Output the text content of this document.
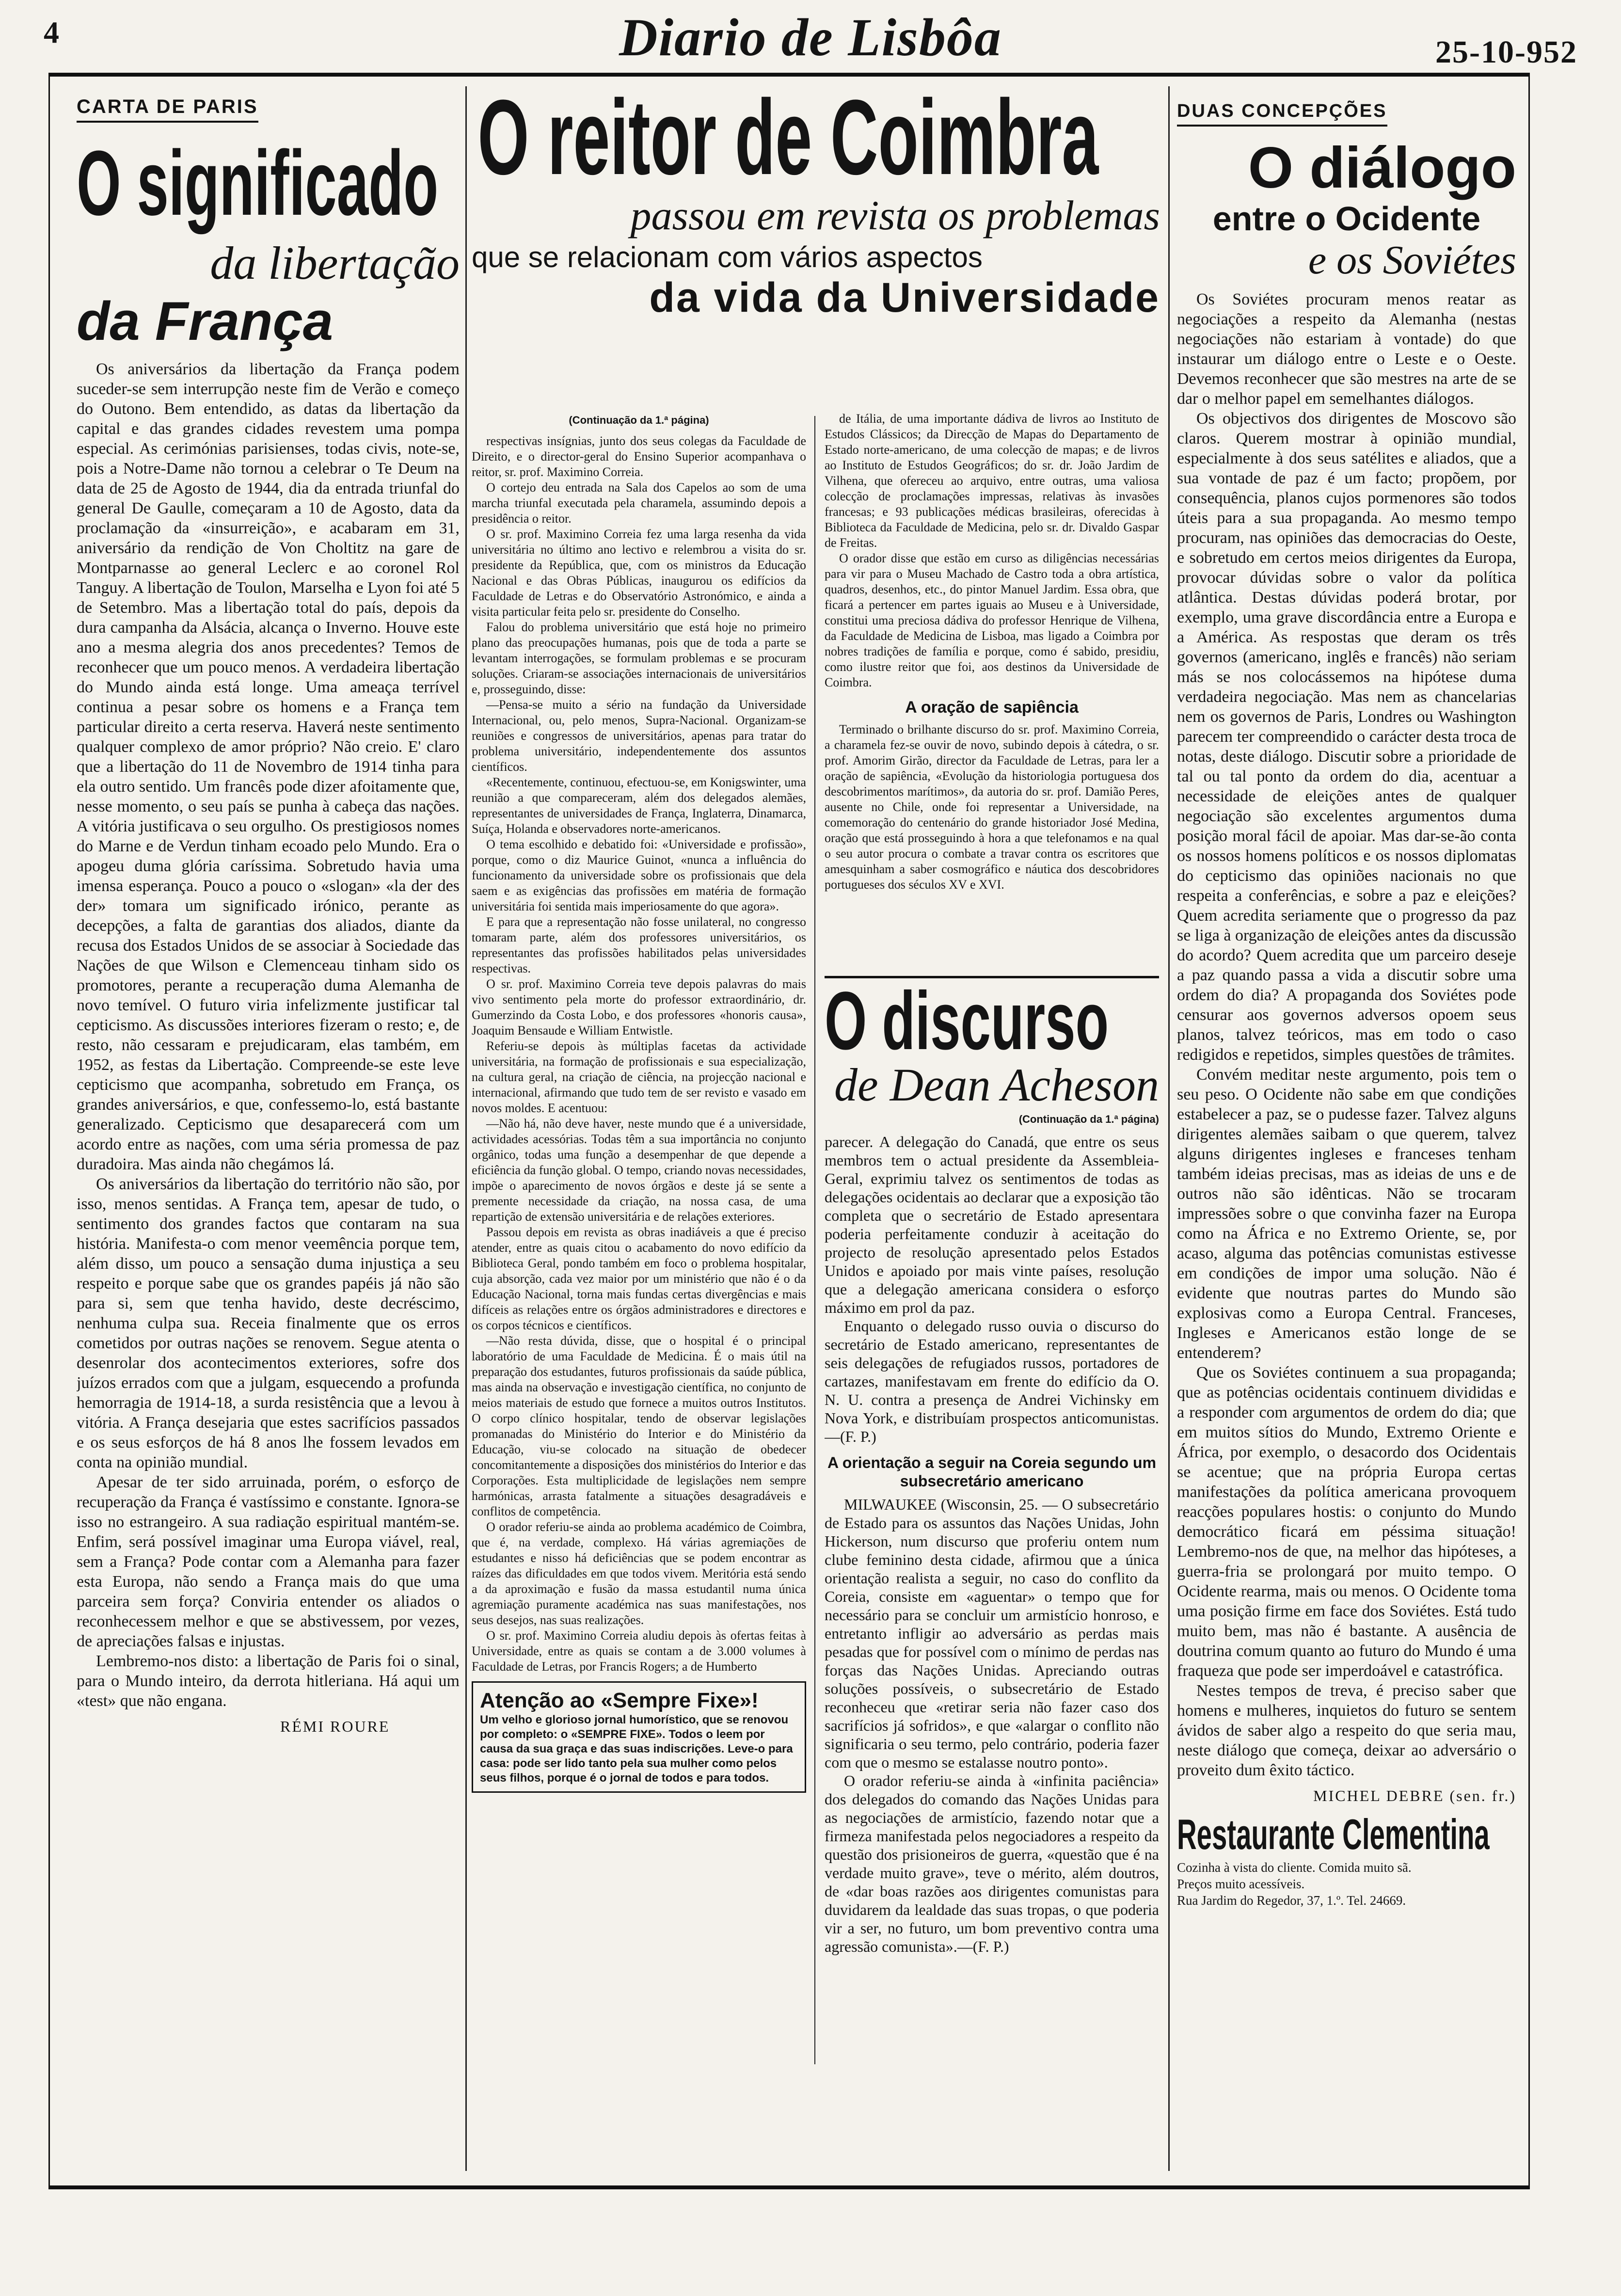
4	Diario de Lisbôa	25-10-952
CARTA DE PARIS
O significado
da libertação
da França

Os aniversários da libertação da França podem suceder-se sem interrupção neste fim de Verão e começo do Outono. Bem entendido, as datas da libertação da capital e das grandes cidades revestem uma pompa especial. As cerimónias parisienses, todas civis, note-se, pois a Notre-Dame não tornou a celebrar o Te Deum na data de 25 de Agosto de 1944, dia da entrada triunfal do general De Gaulle, começaram a 10 de Agosto, data da proclamação da «insurreição», e acabaram em 31, aniversário da rendição de Von Choltitz na gare de Montparnasse ao general Leclerc e ao coronel Rol Tanguy. A libertação de Toulon, Marselha e Lyon foi até 5 de Setembro. Mas a libertação total do país, depois da dura campanha da Alsácia, alcança o Inverno. Houve este ano a mesma alegria dos anos precedentes? Temos de reconhecer que um pouco menos. A verdadeira libertação do Mundo ainda está longe. Uma ameaça terrível continua a pesar sobre os homens e a França tem particular direito a certa reserva. Haverá neste sentimento qualquer complexo de amor próprio? Não creio. E' claro que a libertação do 11 de Novembro de 1914 tinha para ela outro sentido. Um francês pode dizer afoitamente que, nesse momento, o seu país se punha à cabeça das nações. A vitória justificava o seu orgulho. Os prestigiosos nomes do Marne e de Verdun tinham ecoado pelo Mundo. Era o apogeu duma glória caríssima. Sobretudo havia uma imensa esperança. Pouco a pouco o «slogan» «la der des der» tomara um significado irónico, perante as decepções, a falta de garantias dos aliados, diante da recusa dos Estados Unidos de se associar à Sociedade das Nações de que Wilson e Clemenceau tinham sido os promotores, perante a recuperação duma Alemanha de novo temível. O futuro viria infelizmente justificar tal cepticismo. As discussões interiores fizeram o resto; e, de resto, não cessaram e prejudicaram, elas também, em 1952, as festas da Libertação. Compreende-se este leve cepticismo que acompanha, sobretudo em França, os grandes aniversários, e que, confessemo-lo, está bastante generalizado. Cepticismo que desaparecerá com um acordo entre as nações, com uma séria promessa de paz duradoira. Mas ainda não chegámos lá.

Os aniversários da libertação do território não são, por isso, menos sentidas. A França tem, apesar de tudo, o sentimento dos grandes factos que contaram na sua história. Manifesta-o com menor veemência porque tem, além disso, um pouco a sensação duma injustiça a seu respeito e porque sabe que os grandes papéis já não são para si, sem que tenha havido, deste decréscimo, nenhuma culpa sua. Receia finalmente que os erros cometidos por outras nações se renovem. Segue atenta o desenrolar dos acontecimentos exteriores, sofre dos juízos errados com que a julgam, esquecendo a profunda hemorragia de 1914-18, a surda resistência que a levou à vitória. A França desejaria que estes sacrifícios passados e os seus esforços de há 8 anos lhe fossem levados em conta na opinião mundial.

Apesar de ter sido arruinada, porém, o esforço de recuperação da França é vastíssimo e constante. Ignora-se isso no estrangeiro. A sua radiação espiritual mantém-se. Enfim, será possível imaginar uma Europa viável, real, sem a França? Pode contar com a Alemanha para fazer esta Europa, não sendo a França mais do que uma parceira sem força? Conviria entender os aliados o reconhecessem melhor e que se abstivessem, por vezes, de apreciações falsas e injustas.

Lembremo-nos disto: a libertação de Paris foi o sinal, para o Mundo inteiro, da derrota hitleriana. Há aqui um «test» que não engana.

RÉMI ROURE
O reitor de Coimbra
passou em revista os problemas
que se relacionam com vários aspectos
da vida da Universidade
(Continuação da 1.ª página)

respectivas insígnias, junto dos seus colegas da Faculdade de Direito, e o director-geral do Ensino Superior acompanhava o reitor, sr. prof. Maximino Correia.

O cortejo deu entrada na Sala dos Capelos ao som de uma marcha triunfal executada pela charamela, assumindo depois a presidência o reitor.

O sr. prof. Maximino Correia fez uma larga resenha da vida universitária no último ano lectivo e relembrou a visita do sr. presidente da República, que, com os ministros da Educação Nacional e das Obras Públicas, inaugurou os edifícios da Faculdade de Letras e do Observatório Astronómico, e ainda a visita particular feita pelo sr. presidente do Conselho.

Falou do problema universitário que está hoje no primeiro plano das preocupações humanas, pois que de toda a parte se levantam interrogações, se formulam problemas e se procuram soluções. Criaram-se associações internacionais de universitários e, prosseguindo, disse:

—Pensa-se muito a sério na fundação da Universidade Internacional, ou, pelo menos, Supra-Nacional. Organizam-se reuniões e congressos de universitários, apenas para tratar do problema universitário, independentemente dos assuntos científicos.

«Recentemente, continuou, efectuou-se, em Konigswinter, uma reunião a que compareceram, além dos delegados alemães, representantes de universidades de França, Inglaterra, Dinamarca, Suíça, Holanda e observadores norte-americanos.

O tema escolhido e debatido foi: «Universidade e profissão», porque, como o diz Maurice Guinot, «nunca a influência do funcionamento da universidade sobre os profissionais que dela saem e as exigências das profissões em matéria de formação universitária foi sentida mais imperiosamente do que agora».

E para que a representação não fosse unilateral, no congresso tomaram parte, além dos professores universitários, os representantes das profissões habilitados pelas universidades respectivas.

O sr. prof. Maximino Correia teve depois palavras do mais vivo sentimento pela morte do professor extraordinário, dr. Gumerzindo da Costa Lobo, e dos professores «honoris causa», Joaquim Bensaude e William Entwistle.

Referiu-se depois às múltiplas facetas da actividade universitária, na formação de profissionais e sua especialização, na cultura geral, na criação de ciência, na projecção nacional e internacional, afirmando que tudo tem de ser revisto e vasado em novos moldes. E acentuou:

—Não há, não deve haver, neste mundo que é a universidade, actividades acessórias. Todas têm a sua importância no conjunto orgânico, todas uma função a desempenhar de que depende a eficiência da função global. O tempo, criando novas necessidades, impõe o aparecimento de novos órgãos e deste já se sente a premente necessidade da criação, na nossa casa, de uma repartição de extensão universitária e de relações exteriores.

Passou depois em revista as obras inadiáveis a que é preciso atender, entre as quais citou o acabamento do novo edifício da Biblioteca Geral, pondo também em foco o problema hospitalar, cuja absorção, cada vez maior por um ministério que não é o da Educação Nacional, torna mais fundas certas divergências e mais difíceis as relações entre os órgãos administradores e directores e os corpos técnicos e científicos.

—Não resta dúvida, disse, que o hospital é o principal laboratório de uma Faculdade de Medicina. É o mais útil na preparação dos estudantes, futuros profissionais da saúde pública, mas ainda na observação e investigação científica, no conjunto de meios materiais de estudo que fornece a muitos outros Institutos. O corpo clínico hospitalar, tendo de observar legislações promanadas do Ministério do Interior e do Ministério da Educação, viu-se colocado na situação de obedecer concomitantemente a disposições dos ministérios do Interior e das Corporações. Esta multiplicidade de legislações nem sempre harmónicas, arrasta fatalmente a situações desagradáveis e conflitos de competência.

O orador referiu-se ainda ao problema académico de Coimbra, que é, na verdade, complexo. Há várias agremiações de estudantes e nisso há deficiências que se podem encontrar as raízes das dificuldades em que todos vivem. Meritória está sendo a da aproximação e fusão da massa estudantil numa única agremiação puramente académica nas suas manifestações, nos seus desejos, nas suas realizações.

O sr. prof. Maximino Correia aludiu depois às ofertas feitas à Universidade, entre as quais se contam a de 3.000 volumes à Faculdade de Letras, por Francis Rogers; a de Humberto

Atenção ao «Sempre Fixe»!
Um velho e glorioso jornal humorístico, que se renovou por completo: o «SEMPRE FIXE». Todos o leem por causa da sua graça e das suas indiscrições. Leve-o para casa: pode ser lido tanto pela sua mulher como pelos seus filhos, porque é o jornal de todos e para todos.

de Itália, de uma importante dádiva de livros ao Instituto de Estudos Clássicos; da Direcção de Mapas do Departamento de Estado norte-americano, de uma colecção de mapas; e de livros ao Instituto de Estudos Geográficos; do sr. dr. João Jardim de Vilhena, que ofereceu ao arquivo, entre outras, uma valiosa colecção de proclamações impressas, relativas às invasões francesas; e 93 publicações médicas brasileiras, oferecidas à Biblioteca da Faculdade de Medicina, pelo sr. dr. Divaldo Gaspar de Freitas.

O orador disse que estão em curso as diligências necessárias para vir para o Museu Machado de Castro toda a obra artística, quadros, desenhos, etc., do pintor Manuel Jardim. Essa obra, que ficará a pertencer em partes iguais ao Museu e à Universidade, constitui uma preciosa dádiva do professor Henrique de Vilhena, da Faculdade de Medicina de Lisboa, mas ligado a Coimbra por nobres tradições de família e porque, como é sabido, presidiu, como ilustre reitor que foi, aos destinos da Universidade de Coimbra.

A oração de sapiência

Terminado o brilhante discurso do sr. prof. Maximino Correia, a charamela fez-se ouvir de novo, subindo depois à cátedra, o sr. prof. Amorim Girão, director da Faculdade de Letras, para ler a oração de sapiência, «Evolução da historiologia portuguesa dos descobrimentos marítimos», da autoria do sr. prof. Damião Peres, ausente no Chile, onde foi representar a Universidade, na comemoração do centenário do grande historiador José Medina, oração que está prosseguindo à hora a que telefonamos e na qual o seu autor procura o combate a travar contra os escritores que amesquinham a saber cosmográfico e náutica dos descobridores portugueses dos séculos XV e XVI.

O discurso
de Dean Acheson
(Continuação da 1.ª página)

parecer. A delegação do Canadá, que entre os seus membros tem o actual presidente da Assembleia-Geral, exprimiu talvez os sentimentos de todas as delegações ocidentais ao declarar que a exposição tão completa que o secretário de Estado apresentara poderia perfeitamente conduzir à aceitação do projecto de resolução apresentado pelos Estados Unidos e apoiado por mais vinte países, resolução que a delegação americana considera o esforço máximo em prol da paz.

Enquanto o delegado russo ouvia o discurso do secretário de Estado americano, representantes de seis delegações de refugiados russos, portadores de cartazes, manifestavam em frente do edifício da O. N. U. contra a presença de Andrei Vichinsky em Nova York, e distribuíam prospectos anticomunistas.—(F. P.)

A orientação a seguir na Coreia segundo um subsecretário americano

MILWAUKEE (Wisconsin, 25. — O subsecretário de Estado para os assuntos das Nações Unidas, John Hickerson, num discurso que proferiu ontem num clube feminino desta cidade, afirmou que a única orientação realista a seguir, no caso do conflito da Coreia, consiste em «aguentar» o tempo que for necessário para se concluir um armistício honroso, e entretanto infligir ao adversário as perdas mais pesadas que for possível com o mínimo de perdas nas forças das Nações Unidas. Apreciando outras soluções possíveis, o subsecretário de Estado reconheceu que «retirar seria não fazer caso dos sacrifícios já sofridos», e que «alargar o conflito não significaria o seu termo, pelo contrário, poderia fazer com que o mesmo se estalasse noutro ponto».

O orador referiu-se ainda à «infinita paciência» dos delegados do comando das Nações Unidas para as negociações de armistício, fazendo notar que a firmeza manifestada pelos negociadores a respeito da questão dos prisioneiros de guerra, «questão que é na verdade muito grave», teve o mérito, além doutros, de «dar boas razões aos dirigentes comunistas para duvidarem da lealdade das suas tropas, o que poderia vir a ser, no futuro, um bom preventivo contra uma agressão comunista».—(F. P.)

DUAS CONCEPÇÕES
O diálogo
entre o Ocidente
e os Soviétes

Os Soviétes procuram menos reatar as negociações a respeito da Alemanha (nestas negociações não estariam à vontade) do que instaurar um diálogo entre o Leste e o Oeste. Devemos reconhecer que são mestres na arte de se dar o melhor papel em semelhantes diálogos.

Os objectivos dos dirigentes de Moscovo são claros. Querem mostrar à opinião mundial, especialmente à dos seus satélites e aliados, que a sua vontade de paz é um facto; propõem, por consequência, planos cujos pormenores são todos úteis para a sua propaganda. Ao mesmo tempo procuram, nas opiniões das democracias do Oeste, e sobretudo em certos meios dirigentes da Europa, provocar dúvidas sobre o valor da política atlântica. Destas dúvidas poderá brotar, por exemplo, uma grave discordância entre a Europa e a América. As respostas que deram os três governos (americano, inglês e francês) não seriam más se nos colocássemos na hipótese duma verdadeira negociação. Mas nem as chancelarias nem os governos de Paris, Londres ou Washington parecem ter compreendido o carácter desta troca de notas, deste diálogo. Discutir sobre a prioridade de tal ou tal ponto da ordem do dia, acentuar a necessidade de eleições antes de qualquer negociação são excelentes argumentos duma posição moral fácil de apoiar. Mas dar-se-ão conta os nossos homens políticos e os nossos diplomatas do cepticismo das opiniões nacionais no que respeita a conferências, e sobre a paz e eleições? Quem acredita seriamente que o progresso da paz se liga à organização de eleições antes da discussão do acordo? Quem acredita que um parceiro deseje a paz quando passa a vida a discutir sobre uma ordem do dia? A propaganda dos Soviétes pode censurar aos governos adversos opoem seus planos, talvez teóricos, mas em todo o caso redigidos e repetidos, simples questões de trâmites.

Convém meditar neste argumento, pois tem o seu peso. O Ocidente não sabe em que condições estabelecer a paz, se o pudesse fazer. Talvez alguns dirigentes alemães saibam o que querem, talvez alguns dirigentes ingleses e franceses tenham também ideias precisas, mas as ideias de uns e de outros não são idênticas. Não se trocaram impressões sobre o que convinha fazer na Europa como na África e no Extremo Oriente, se, por acaso, alguma das potências comunistas estivesse em condições de impor uma solução. Não é evidente que noutras partes do Mundo são explosivas como a Europa Central. Franceses, Ingleses e Americanos estão longe de se entenderem?

Que os Soviétes continuem a sua propaganda; que as potências ocidentais continuem divididas e a responder com argumentos de ordem do dia; que em muitos sítios do Mundo, Extremo Oriente e África, por exemplo, o desacordo dos Ocidentais se acentue; que na própria Europa certas manifestações da política americana provoquem reacções populares hostis: o conjunto do Mundo democrático ficará em péssima situação! Lembremo-nos de que, na melhor das hipóteses, a guerra-fria se prolongará por muito tempo. O Ocidente rearma, mais ou menos. O Ocidente toma uma posição firme em face dos Soviétes. Está tudo muito bem, mas não é bastante. A ausência de doutrina comum quanto ao futuro do Mundo é uma fraqueza que pode ser imperdoável e catastrófica.

Nestes tempos de treva, é preciso saber que homens e mulheres, inquietos do futuro se sentem ávidos de saber algo a respeito do que seria mau, neste diálogo que começa, deixar ao adversário o proveito dum êxito táctico.

MICHEL DEBRE (sen. fr.)
Restaurante Clementina
Cozinha à vista do cliente. Comida muito sã.
Preços muito acessíveis.
Rua Jardim do Regedor, 37, 1.º. Tel. 24669.
